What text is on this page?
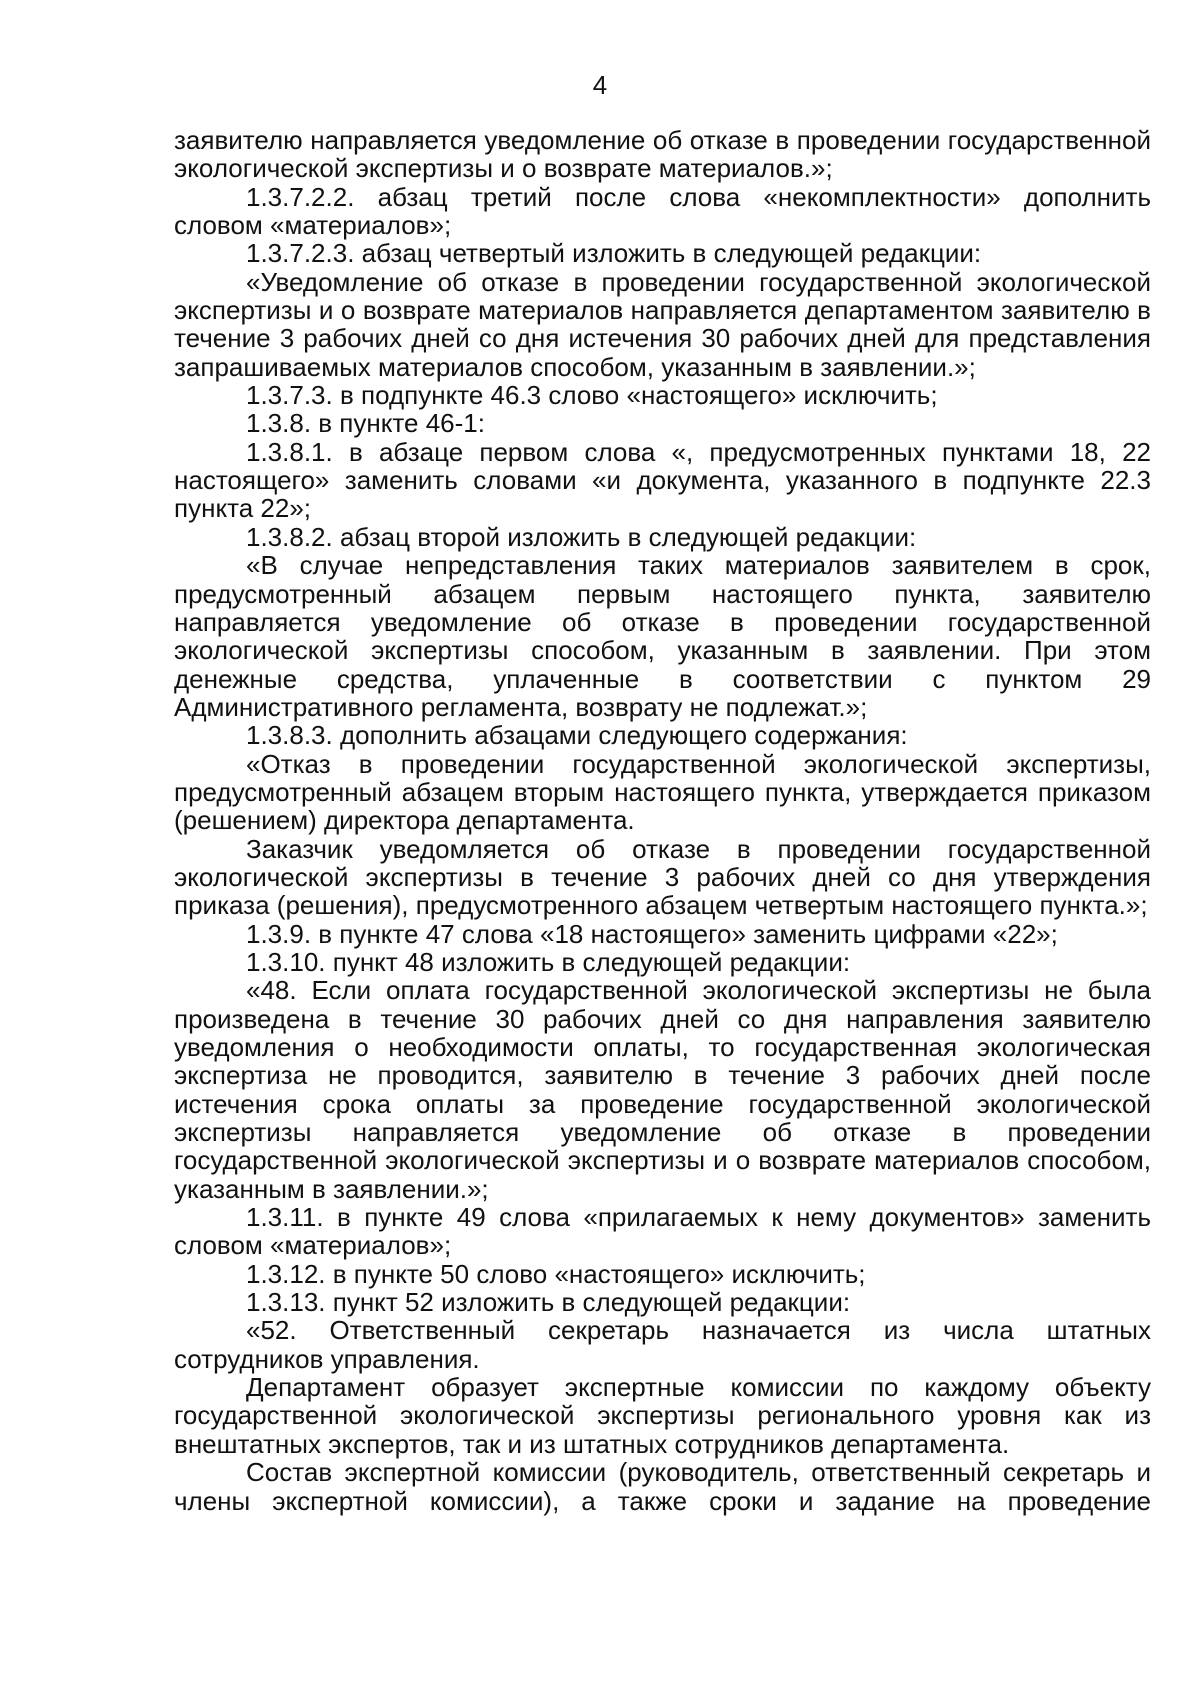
4

заявителю направляется уведомление об отказе в проведении государственной экологической экспертизы и о возврате материалов.»;

1.3.7.2.2. абзац третий после слова «некомплектности» дополнить словом «материалов»;

1.3.7.2.3. абзац четвертый изложить в следующей редакции:

«Уведомление об отказе в проведении государственной экологической экспертизы и о возврате материалов направляется департаментом заявителю в течение 3 рабочих дней со дня истечения 30 рабочих дней для представления запрашиваемых материалов способом, указанным в заявлении.»;

1.3.7.3. в подпункте 46.3 слово «настоящего» исключить;

1.3.8. в пункте 46-1:

1.3.8.1. в абзаце первом слова «, предусмотренных пунктами 18, 22 настоящего» заменить словами «и документа, указанного в подпункте 22.3 пункта 22»;

1.3.8.2. абзац второй изложить в следующей редакции:

«В случае непредставления таких материалов заявителем в срок, предусмотренный абзацем первым настоящего пункта, заявителю направляется уведомление об отказе в проведении государственной экологической экспертизы способом, указанным в заявлении. При этом денежные средства, уплаченные в соответствии с пунктом 29 Административного регламента, возврату не подлежат.»;

1.3.8.3. дополнить абзацами следующего содержания:

«Отказ в проведении государственной экологической экспертизы, предусмотренный абзацем вторым настоящего пункта, утверждается приказом (решением) директора департамента.

Заказчик уведомляется об отказе в проведении государственной экологической экспертизы в течение 3 рабочих дней со дня утверждения приказа (решения), предусмотренного абзацем четвертым настоящего пункта.»;

1.3.9. в пункте 47 слова «18 настоящего» заменить цифрами «22»;

1.3.10. пункт 48 изложить в следующей редакции:

«48. Если оплата государственной экологической экспертизы не была произведена в течение 30 рабочих дней со дня направления заявителю уведомления о необходимости оплаты, то государственная экологическая экспертиза не проводится, заявителю в течение 3 рабочих дней после истечения срока оплаты за проведение государственной экологической экспертизы направляется уведомление об отказе в проведении государственной экологической экспертизы и о возврате материалов способом, указанным в заявлении.»;

1.3.11. в пункте 49 слова «прилагаемых к нему документов» заменить словом «материалов»;

1.3.12. в пункте 50 слово «настоящего» исключить;

1.3.13. пункт 52 изложить в следующей редакции:

«52. Ответственный секретарь назначается из числа штатных сотрудников управления.

Департамент образует экспертные комиссии по каждому объекту государственной экологической экспертизы регионального уровня как из внештатных экспертов, так и из штатных сотрудников департамента.

Состав экспертной комиссии (руководитель, ответственный секретарь и члены экспертной комиссии), а также сроки и задание на проведение
